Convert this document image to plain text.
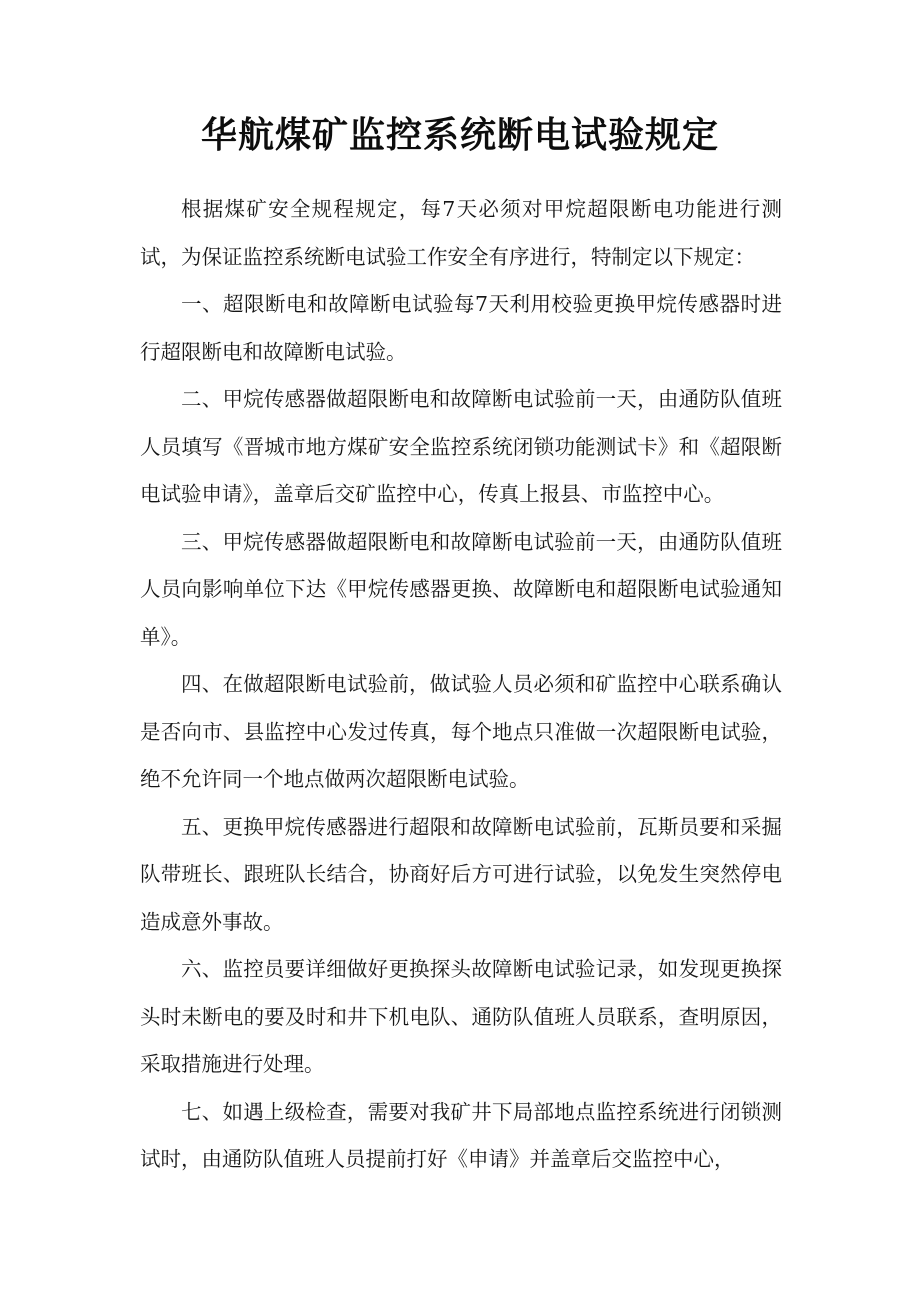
华航煤矿监控系统断电试验规定

根据煤矿安全规程规定，每7天必须对甲烷超限断电功能进行测试，为保证监控系统断电试验工作安全有序进行，特制定以下规定：

一、超限断电和故障断电试验每7天利用校验更换甲烷传感器时进行超限断电和故障断电试验。

二、甲烷传感器做超限断电和故障断电试验前一天，由通防队值班人员填写《晋城市地方煤矿安全监控系统闭锁功能测试卡》和《超限断电试验申请》，盖章后交矿监控中心，传真上报县、市监控中心。

三、甲烷传感器做超限断电和故障断电试验前一天，由通防队值班人员向影响单位下达《甲烷传感器更换、故障断电和超限断电试验通知单》。

四、在做超限断电试验前，做试验人员必须和矿监控中心联系确认是否向市、县监控中心发过传真，每个地点只准做一次超限断电试验，绝不允许同一个地点做两次超限断电试验。

五、更换甲烷传感器进行超限和故障断电试验前，瓦斯员要和采掘队带班长、跟班队长结合，协商好后方可进行试验，以免发生突然停电造成意外事故。

六、监控员要详细做好更换探头故障断电试验记录，如发现更换探头时未断电的要及时和井下机电队、通防队值班人员联系，查明原因，采取措施进行处理。

七、如遇上级检查，需要对我矿井下局部地点监控系统进行闭锁测试时，由通防队值班人员提前打好《申请》并盖章后交监控中心，
